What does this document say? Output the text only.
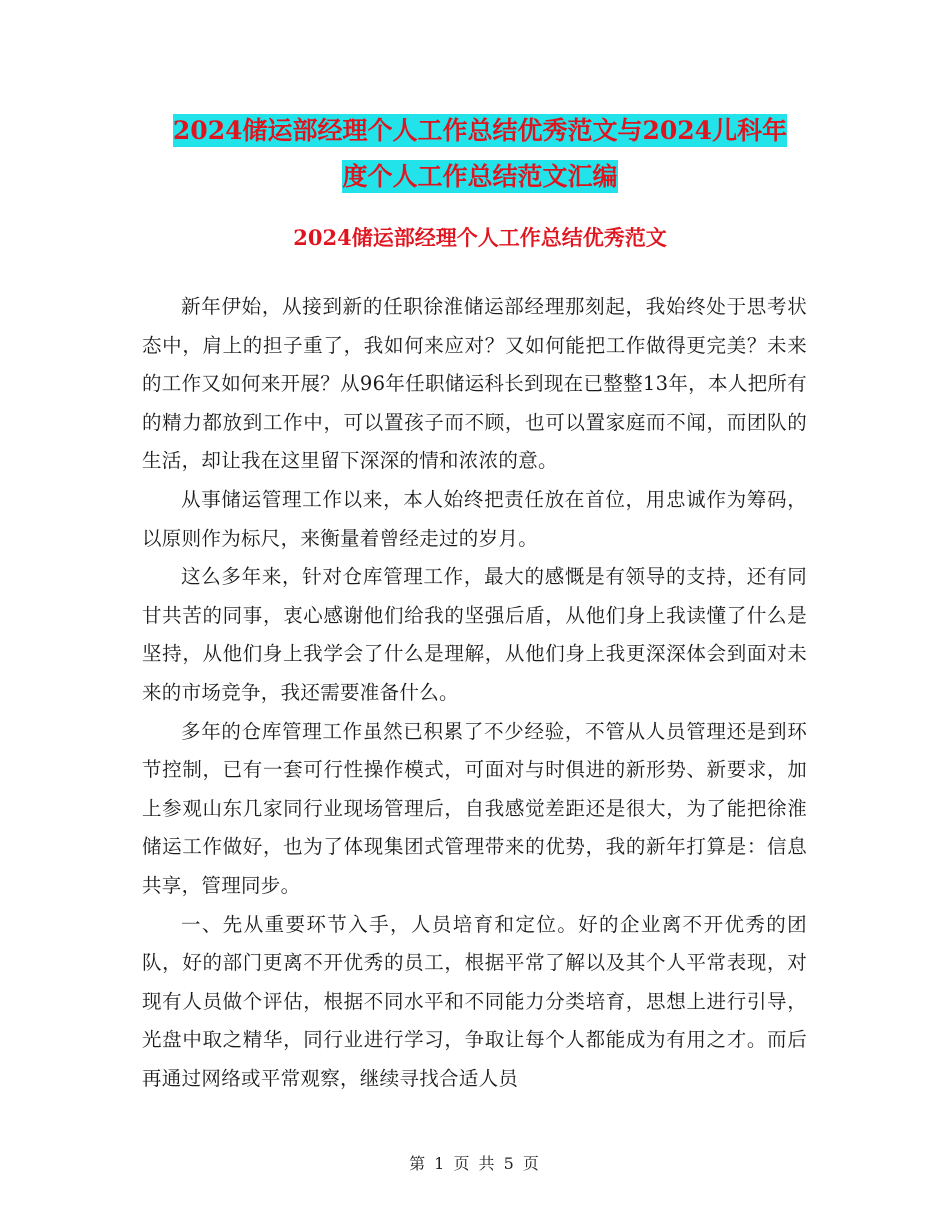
2024储运部经理个人工作总结优秀范文与2024儿科年
度个人工作总结范文汇编
2024储运部经理个人工作总结优秀范文

新年伊始，从接到新的任职徐淮储运部经理那刻起，我始终处于思考状态中，肩上的担子重了，我如何来应对？又如何能把工作做得更完美？未来的工作又如何来开展？从96年任职储运科长到现在已整整13年，本人把所有的精力都放到工作中，可以置孩子而不顾，也可以置家庭而不闻，而团队的生活，却让我在这里留下深深的情和浓浓的意。

从事储运管理工作以来，本人始终把责任放在首位，用忠诚作为筹码，以原则作为标尺，来衡量着曾经走过的岁月。

这么多年来，针对仓库管理工作，最大的感慨是有领导的支持，还有同甘共苦的同事，衷心感谢他们给我的坚强后盾，从他们身上我读懂了什么是坚持，从他们身上我学会了什么是理解，从他们身上我更深深体会到面对未来的市场竞争，我还需要准备什么。

多年的仓库管理工作虽然已积累了不少经验，不管从人员管理还是到环节控制，已有一套可行性操作模式，可面对与时俱进的新形势、新要求，加上参观山东几家同行业现场管理后，自我感觉差距还是很大，为了能把徐淮储运工作做好，也为了体现集团式管理带来的优势，我的新年打算是：信息共享，管理同步。

一、先从重要环节入手，人员培育和定位。好的企业离不开优秀的团队，好的部门更离不开优秀的员工，根据平常了解以及其个人平常表现，对现有人员做个评估，根据不同水平和不同能力分类培育，思想上进行引导，光盘中取之精华，同行业进行学习，争取让每个人都能成为有用之才。而后再通过网络或平常观察，继续寻找合适人员

第 1 页 共 5 页
